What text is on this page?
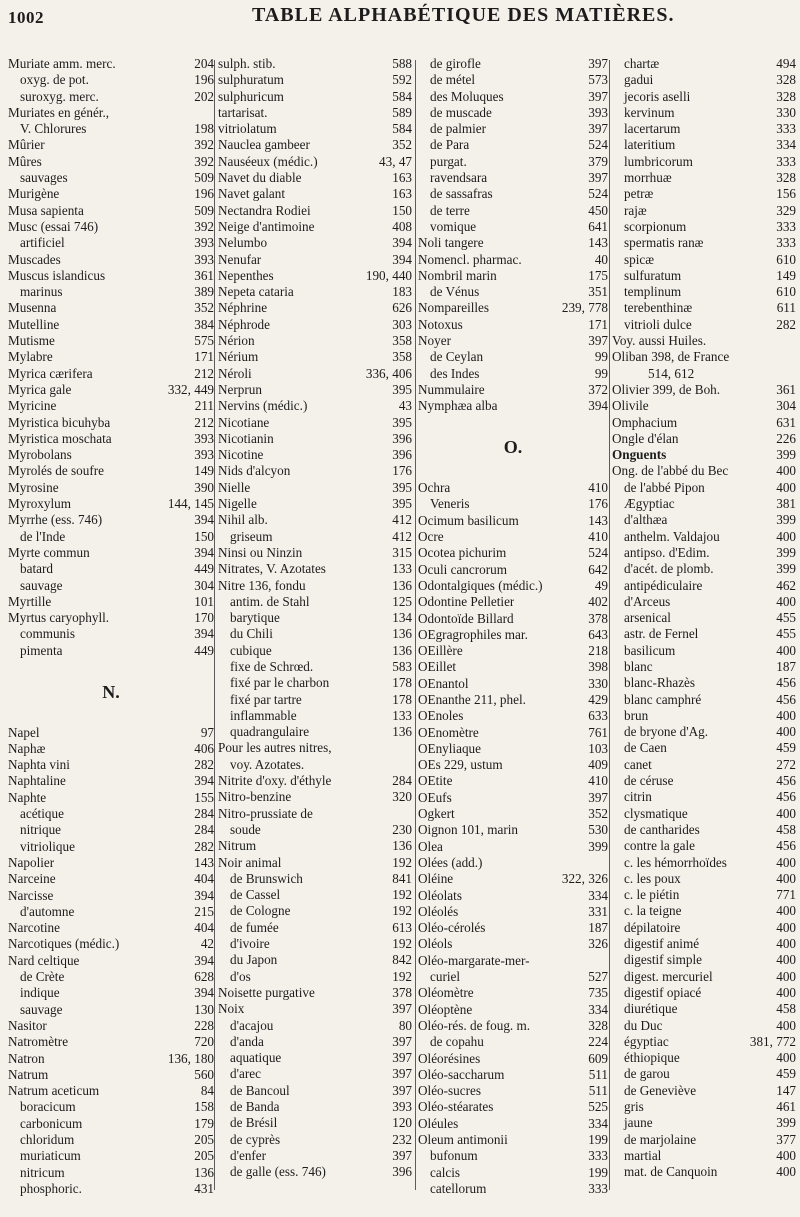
1002	TABLE ALPHABÉTIQUE DES MATIÈRES.
Muriate amm. merc.	204
oxyg. de pot.	196
suroxyg. merc.	202
Muriates en génér.,
V. Chlorures	198
Mûrier	392
Mûres	392
sauvages	509
Murigène	196
Musa sapienta	509
Musc (essai 746)	392
artificiel	393
Muscades	393
Muscus islandicus	361
marinus	389
Musenna	352
Mutelline	384
Mutisme	575
Mylabre	171
Myrica cærifera	212
Myrica gale	332, 449
Myricine	211
Myristica bicuhyba	212
Myristica moschata	393
Myrobolans	393
Myrolés de soufre	149
Myrosine	390
Myroxylum	144, 145
Myrrhe (ess. 746)	394
de l'Inde	150
Myrte commun	394
batard	449
sauvage	304
Myrtille	101
Myrtus caryophyll.	170
communis	394
pimenta	449
N.
Napel	97
Naphæ	406
Naphta vini	282
Naphtaline	394
Naphte	155
acétique	284
nitrique	284
vitriolique	282
Napolier	143
Narceine	404
Narcisse	394
d'automne	215
Narcotine	404
Narcotiques (médic.)	42
Nard celtique	394
de Crète	628
indique	394
sauvage	130
Nasitor	228
Natromètre	720
Natron	136, 180
Natrum	560
Natrum aceticum	84
boracicum	158
carbonicum	179
chloridum	205
muriaticum	205
nitricum	136
phosphoric.	431
sulph. stib.	588
sulphuratum	592
sulphuricum	584
tartarisat.	589
vitriolatum	584
Nauclea gambeer	352
Nauséeux (médic.)	43, 47
Navet du diable	163
Navet galant	163
Nectandra Rodiei	150
Neige d'antimoine	408
Nelumbo	394
Nenufar	394
Nepenthes	190, 440
Nepeta cataria	183
Néphrine	626
Néphrode	303
Nérion	358
Nérium	358
Néroli	336, 406
Nerprun	395
Nervins (médic.)	43
Nicotiane	395
Nicotianin	396
Nicotine	396
Nids d'alcyon	176
Nielle	395
Nigelle	395
Nihil alb.	412
griseum	412
Ninsi ou Ninzin	315
Nitrates, V. Azotates	133
Nitre 136, fondu	136
antim. de Stahl	125
barytique	134
du Chili	136
cubique	136
fixe de Schrœd.	583
fixé par le charbon	178
fixé par tartre	178
inflammable	133
quadrangulaire	136
Pour les autres nitres,
voy. Azotates.
Nitrite d'oxy. d'éthyle	284
Nitro-benzine	320
Nitro-prussiate de
soude	230
Nitrum	136
Noir animal	192
de Brunswich	841
de Cassel	192
de Cologne	192
de fumée	613
d'ivoire	192
du Japon	842
d'os	192
Noisette purgative	378
Noix	397
d'acajou	80
d'anda	397
aquatique	397
d'arec	397
de Bancoul	397
de Banda	393
de Brésil	120
de cyprès	232
d'enfer	397
de galle (ess. 746)	396
de girofle	397
de métel	573
des Moluques	397
de muscade	393
de palmier	397
de Para	524
purgat.	379
ravendsara	397
de sassafras	524
de terre	450
vomique	641
Noli tangere	143
Nomencl. pharmac.	40
Nombril marin	175
de Vénus	351
Nompareilles	239, 778
Notoxus	171
Noyer	397
de Ceylan	99
des Indes	99
Nummulaire	372
Nymphæa alba	394
O.
Ochra	410
Veneris	176
Ocimum basilicum	143
Ocre	410
Ocotea pichurim	524
Oculi cancrorum	642
Odontalgiques (médic.)	49
Odontine Pelletier	402
Odontoïde Billard	378
OEgragrophiles mar.	643
OEillère	218
OEillet	398
OEnantol	330
OEnanthe 211, phel.	429
OEnoles	633
OEnomètre	761
OEnyliaque	103
OEs 229, ustum	409
OEtite	410
OEufs	397
Ogkert	352
Oignon 101, marin	530
Olea	399
Olées (add.)
Oléine	322, 326
Oléolats	334
Oléolés	331
Oléo-cérolés	187
Oléols	326
Oléo-margarate-mer-
curiel	527
Oléomètre	735
Oléoptène	334
Oléo-rés. de foug. m.	328
de copahu	224
Oléorésines	609
Oléo-saccharum	511
Oléo-sucres	511
Oléo-stéarates	525
Oléules	334
Oleum antimonii	199
bufonum	333
calcis	199
catellorum	333
chartæ	494
gadui	328
jecoris aselli	328
kervinum	330
lacertarum	333
lateritium	334
lumbricorum	333
morrhuæ	328
petræ	156
rajæ	329
scorpionum	333
spermatis ranæ	333
spicæ	610
sulfuratum	149
templinum	610
terebenthinæ	611
vitrioli dulce	282
Voy. aussi Huiles.
Oliban 398, de France
514, 612
Olivier 399, de Boh.	361
Olivile	304
Omphacium	631
Ongle d'élan	226
Onguents	399
Ong. de l'abbé du Bec	400
de l'abbé Pipon	400
Ægyptiac	381
d'althæa	399
anthelm. Valdajou	400
antipso. d'Edim.	399
d'acét. de plomb.	399
antipédiculaire	462
d'Arceus	400
arsenical	455
astr. de Fernel	455
basilicum	400
blanc	187
blanc-Rhazès	456
blanc camphré	456
brun	400
de bryone d'Ag.	400
de Caen	459
canet	272
de céruse	456
citrin	456
clysmatique	400
de cantharides	458
contre la gale	456
c. les hémorrhoïdes	400
c. les poux	400
c. le piétin	771
c. la teigne	400
dépilatoire	400
digestif animé	400
digestif simple	400
digest. mercuriel	400
digestif opiacé	400
diurétique	458
du Duc	400
égyptiac	381, 772
éthiopique	400
de garou	459
de Geneviève	147
gris	461
jaune	399
de marjolaine	377
martial	400
mat. de Canquoin	400
